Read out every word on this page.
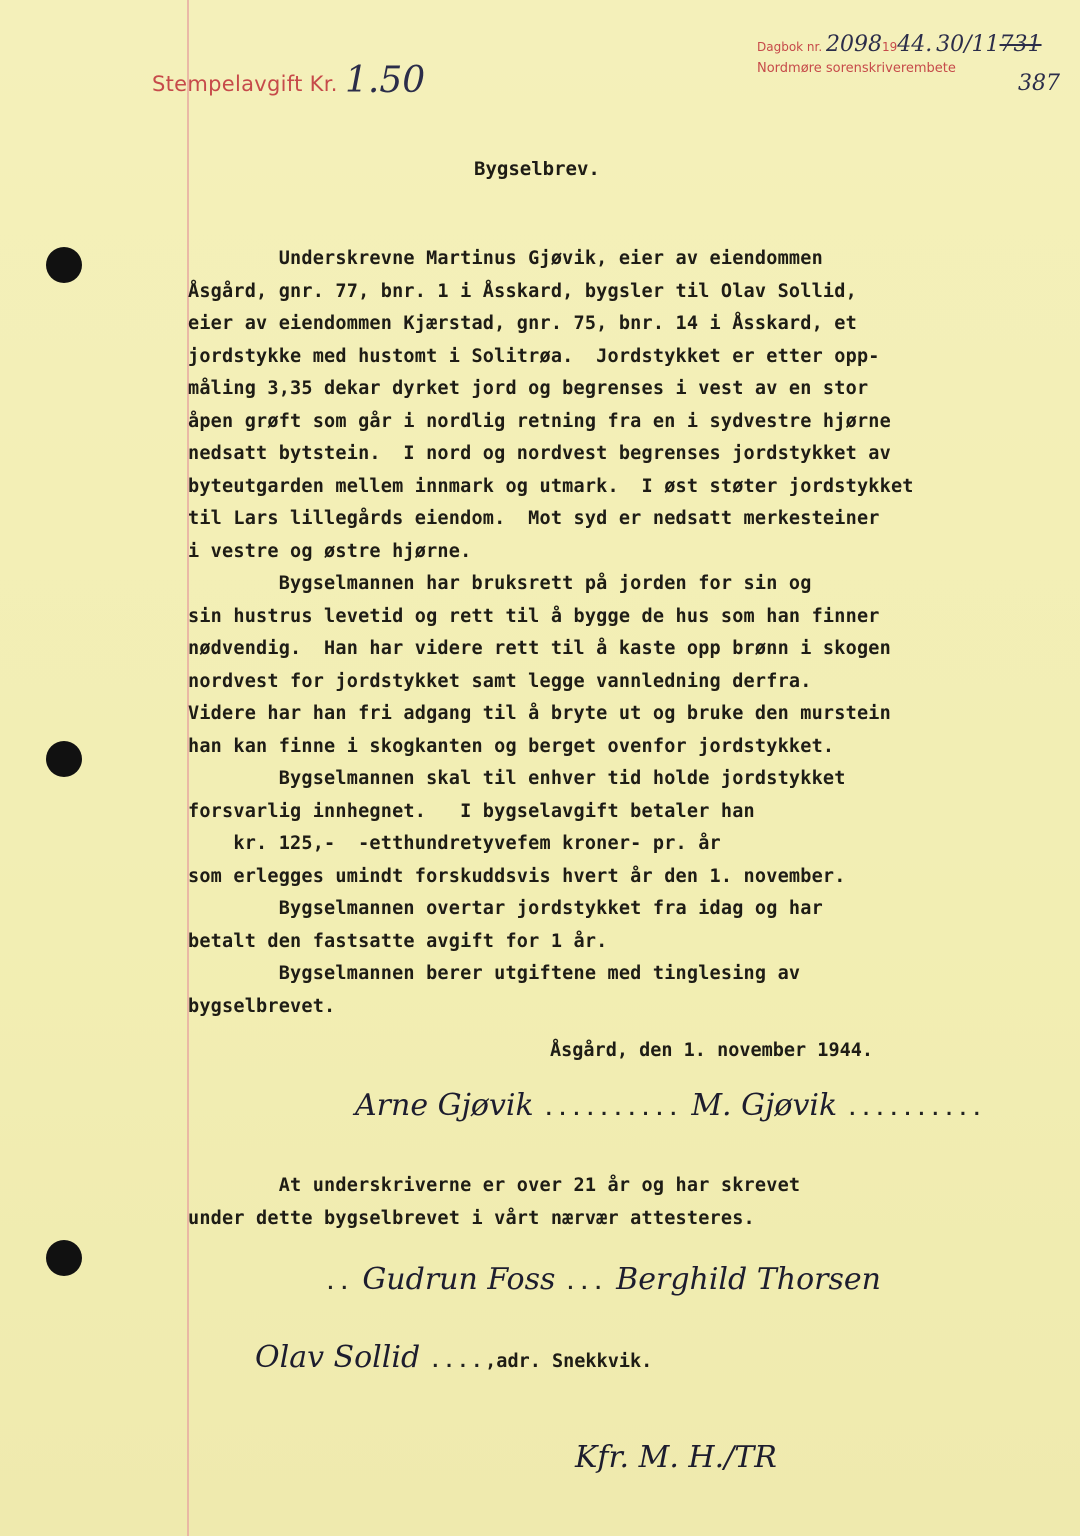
Stempelavgift Kr. 1.50
Dagbok nr. 20981944. 30/11731
Nordmøre sorenskriverembete
387
Bygselbrev.
Underskrevne Martinus Gjøvik, eier av eiendommen
Åsgård, gnr. 77, bnr. 1 i Åsskard, bygsler til Olav Sollid,
eier av eiendommen Kjærstad, gnr. 75, bnr. 14 i Åsskard, et
jordstykke med hustomt i Solitrøa.  Jordstykket er etter opp-
måling 3,35 dekar dyrket jord og begrenses i vest av en stor
åpen grøft som går i nordlig retning fra en i sydvestre hjørne
nedsatt bytstein.  I nord og nordvest begrenses jordstykket av
byteutgarden mellem innmark og utmark.  I øst støter jordstykket
til Lars lillegårds eiendom.  Mot syd er nedsatt merkesteiner
i vestre og østre hjørne.
Bygselmannen har bruksrett på jorden for sin og
sin hustrus levetid og rett til å bygge de hus som han finner
nødvendig.  Han har videre rett til å kaste opp brønn i skogen
nordvest for jordstykket samt legge vannledning derfra.
Videre har han fri adgang til å bryte ut og bruke den murstein
han kan finne i skogkanten og berget ovenfor jordstykket.
Bygselmannen skal til enhver tid holde jordstykket
forsvarlig innhegnet.   I bygselavgift betaler han
kr. 125,-  -etthundretyvefem kroner- pr. år
som erlegges umindt forskuddsvis hvert år den 1. november.
Bygselmannen overtar jordstykket fra idag og har
betalt den fastsatte avgift for 1 år.
Bygselmannen berer utgiftene med tinglesing av
bygselbrevet.
Åsgård, den 1. november 1944.
Arne Gjøvik .......... M. Gjøvik ..........
At underskriverne er over 21 år og har skrevet
under dette bygselbrevet i vårt nærvær attesteres.
.. Gudrun Foss ... Berghild Thorsen
Olav Sollid ....,adr. Snekkvik.
Kfr. M. H./TR
